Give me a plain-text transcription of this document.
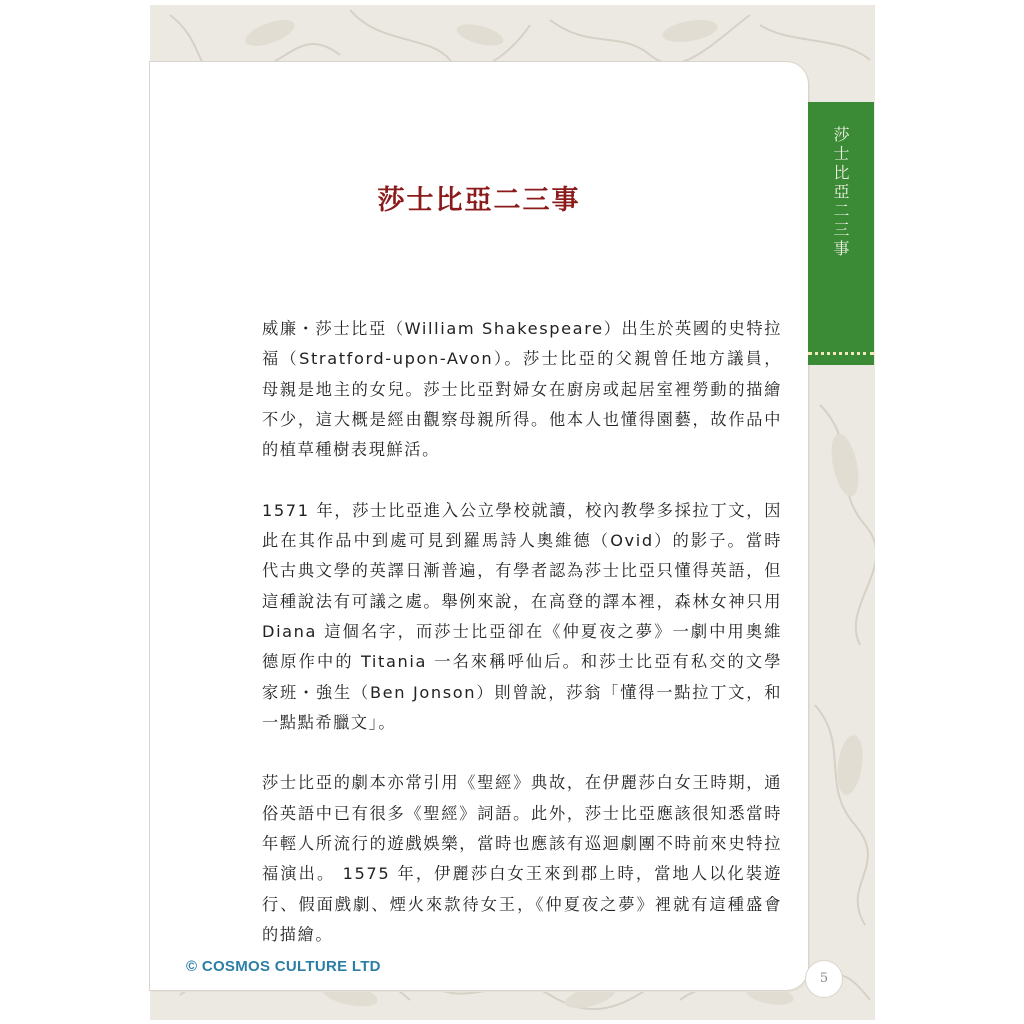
莎士比亞二三事
莎士比亞二三事

威廉・莎士比亞（William Shakespeare）出生於英國的史特拉福（Stratford-upon-Avon）。莎士比亞的父親曾任地方議員，母親是地主的女兒。莎士比亞對婦女在廚房或起居室裡勞動的描繪不少，這大概是經由觀察母親所得。他本人也懂得園藝，故作品中的植草種樹表現鮮活。

1571 年，莎士比亞進入公立學校就讀，校內教學多採拉丁文，因此在其作品中到處可見到羅馬詩人奧維德（Ovid）的影子。當時代古典文學的英譯日漸普遍，有學者認為莎士比亞只懂得英語，但這種說法有可議之處。舉例來說，在高登的譯本裡，森林女神只用 Diana 這個名字，而莎士比亞卻在《仲夏夜之夢》一劇中用奧維德原作中的 Titania 一名來稱呼仙后。和莎士比亞有私交的文學家班・強生（Ben Jonson）則曾說，莎翁「懂得一點拉丁文，和一點點希臘文」。

莎士比亞的劇本亦常引用《聖經》典故，在伊麗莎白女王時期，通俗英語中已有很多《聖經》詞語。此外，莎士比亞應該很知悉當時年輕人所流行的遊戲娛樂，當時也應該有巡迴劇團不時前來史特拉福演出。 1575 年，伊麗莎白女王來到郡上時，當地人以化裝遊行、假面戲劇、煙火來款待女王，《仲夏夜之夢》裡就有這種盛會的描繪。

© COSMOS CULTURE LTD
5
